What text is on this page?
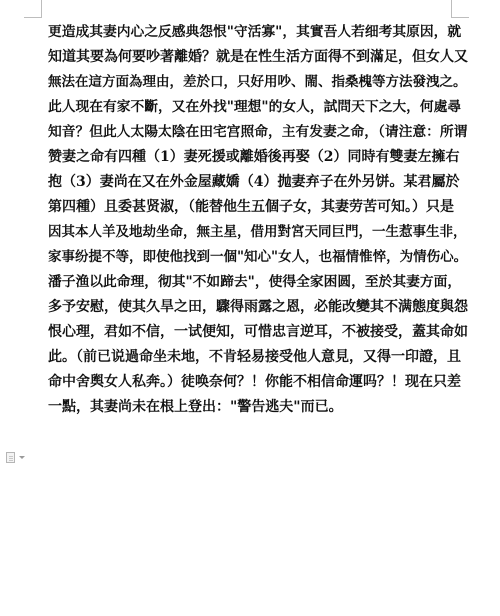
更造成其妻内心之反感典怨恨"守活寡"，其實吾人若细考其原因，就
知道其要為何要吵著離婚？就是在性生活方面得不到滿足，但女人又
無法在這方面為理由，差於口，只好用吵、閙、指桑槐等方法發洩之。
此人现在有家不斷，又在外找"理想"的女人，試問天下之大，何處尋
知音？但此人太陽太陰在田宅宫照命，主有发妻之命，（请注意：所谓
赞妻之命有四種（1）妻死援或離婚後再娶（2）同時有雙妻左擁右
抱（3）妻尚在又在外金屋藏嬌（4）抛妻弃子在外另饼。某君屬於
第四種）且委甚贤淑，（能替他生五個子女，其妻劳苦可知。）只是
因其本人羊及地劫坐命，無主星，借用對宮天同巨門，一生惹事生非，
家事纷提不等，即使他找到一個"知心"女人，也福情惟悴，为情伤心。
潘子渔以此命理，彻其"不如蹄去"，使得全家困圆，至於其妻方面，
多予安慰，使其久旱之田，驟得雨露之恩，必能改變其不满態度與怨
恨心理，君如不信，一试便知，可惜忠言逆耳，不被接受，蓋其命如
此。（前已说過命坐未地，不肯轻易接受他人意見，又得一印證，且
命中舍舆女人私奔。）徒唤奈何？！你能不相信命運吗？！现在只差
一點，其妻尚未在根上登出："警告逃夫"而已。
